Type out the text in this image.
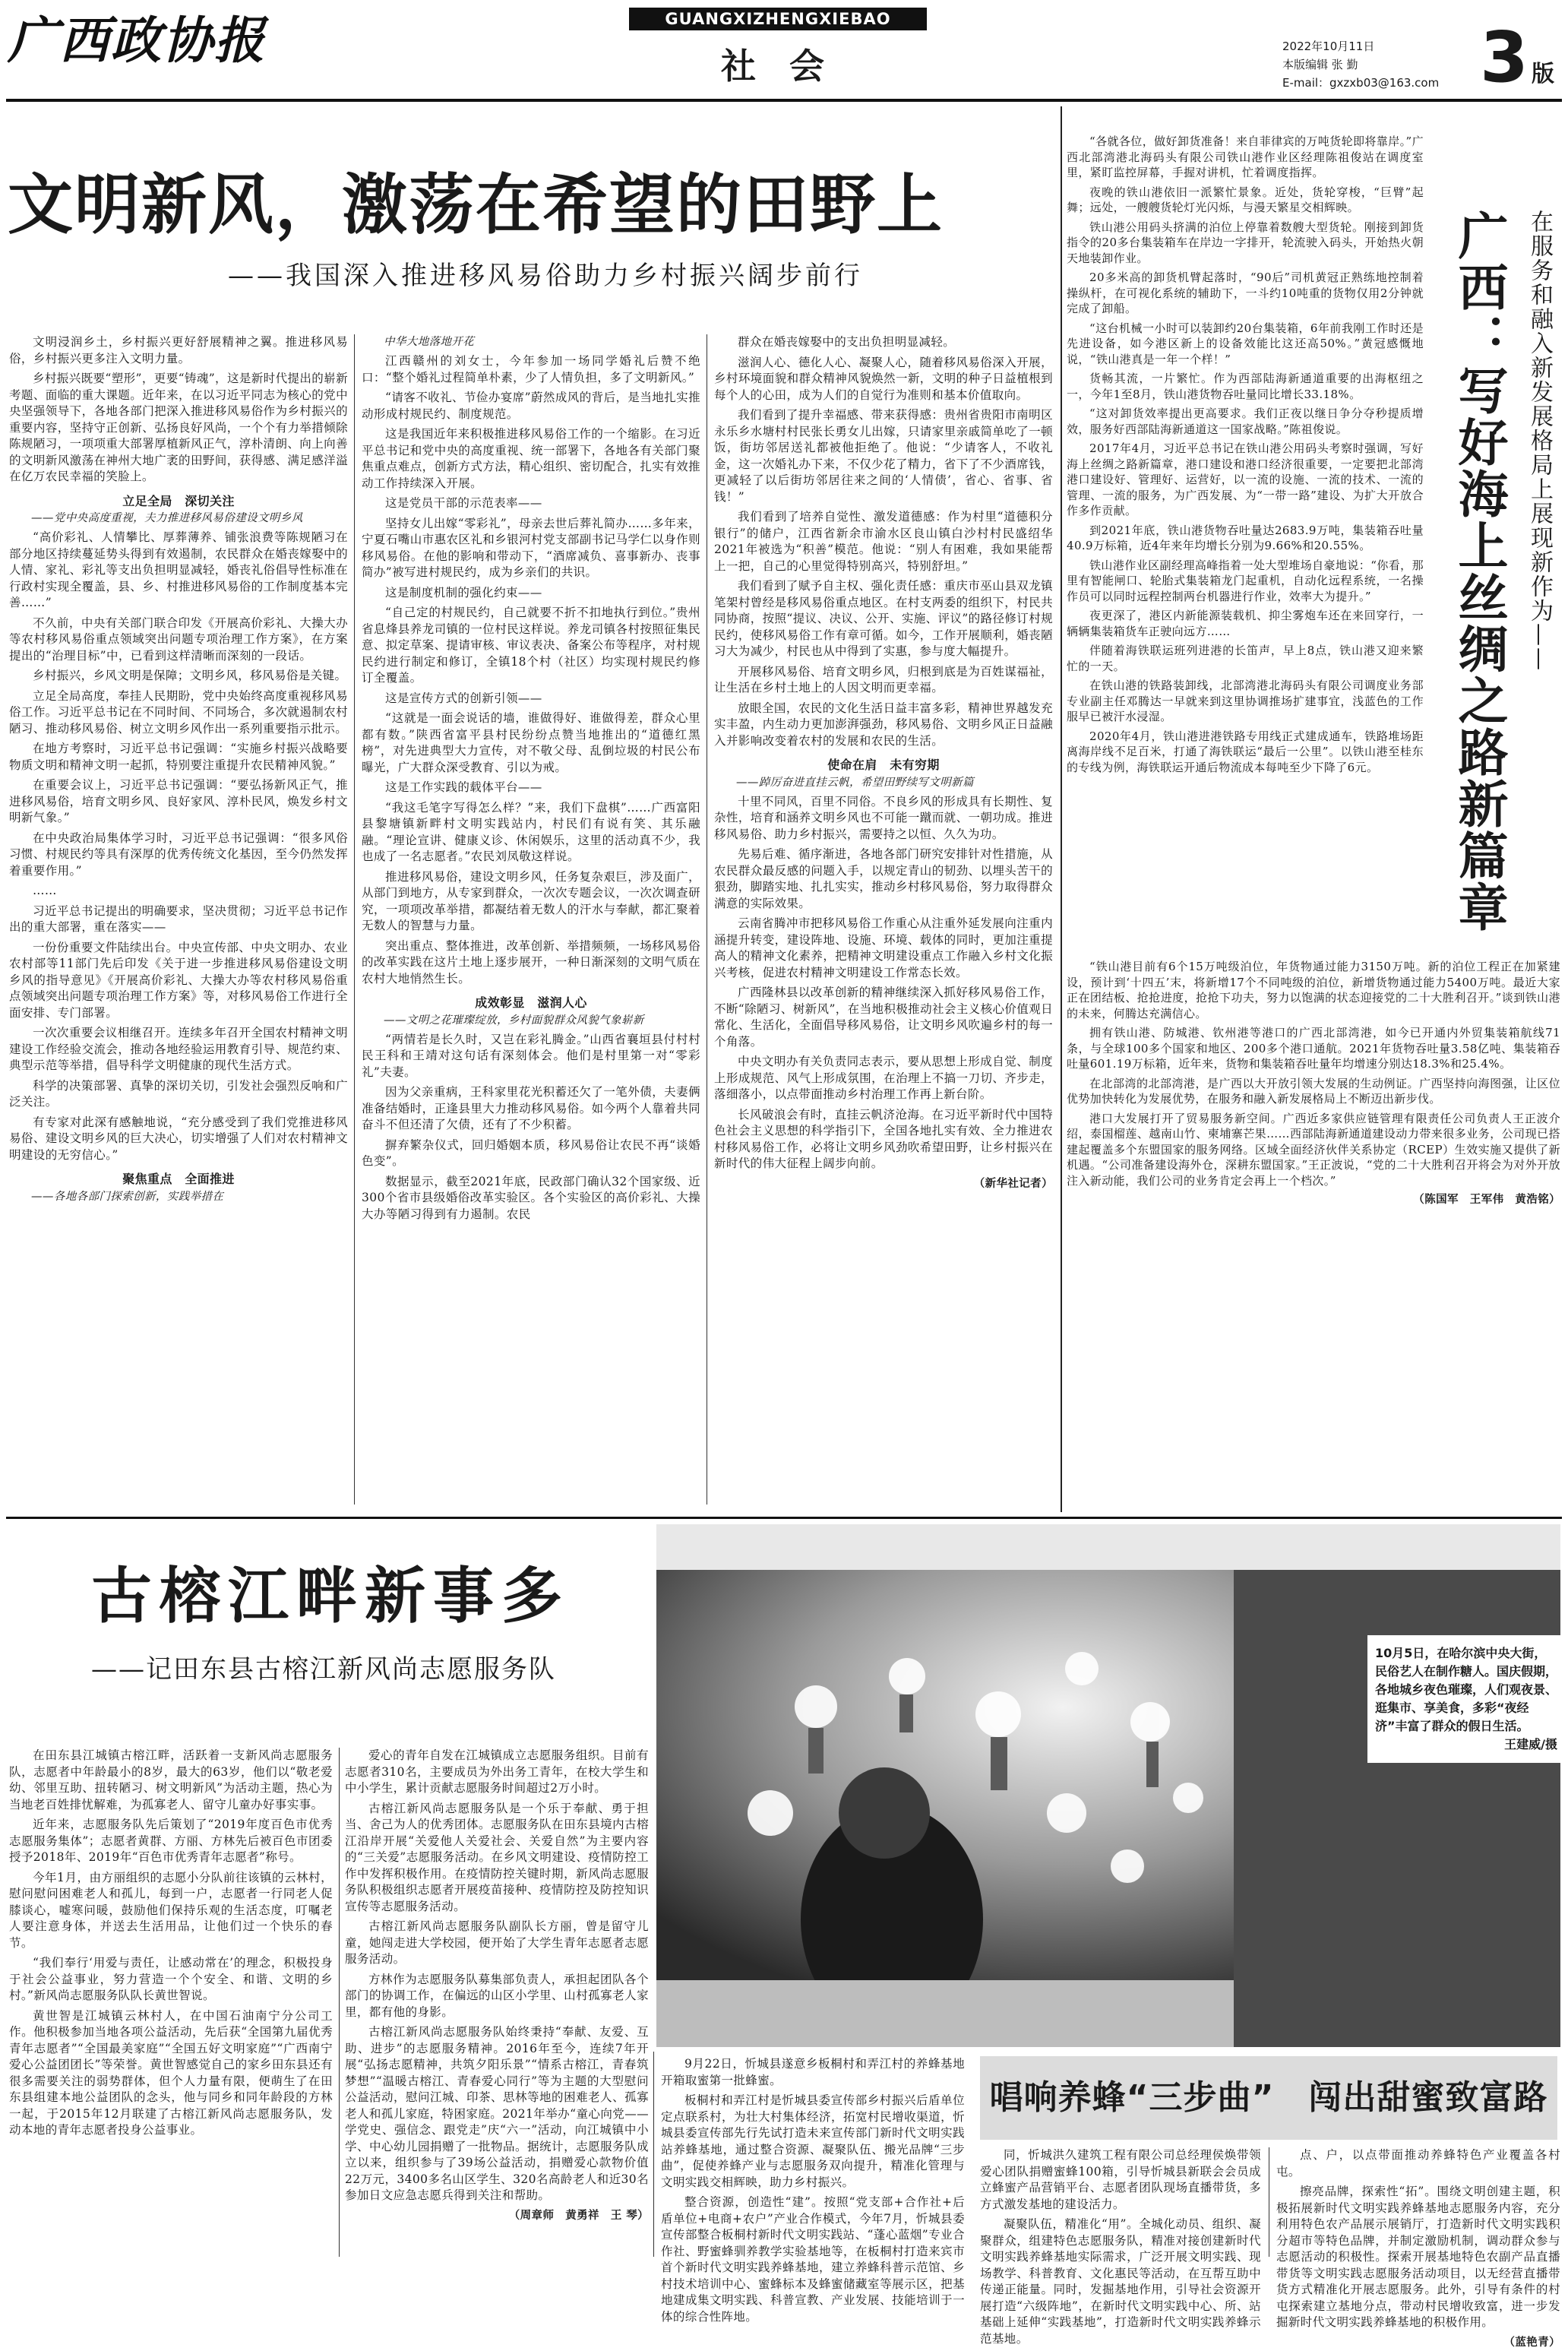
广西政协报	GUANGXIZHENGXIEBAO
社 会	2022年10月11日
本版编辑 张 勤
E-mail：gxzxb03@163.com 3 版
文明新风，激荡在希望的田野上
——我国深入推进移风易俗助力乡村振兴阔步前行

文明浸润乡土，乡村振兴更好舒展精神之翼。推进移风易俗，乡村振兴更多注入文明力量。

乡村振兴既要“塑形”，更要“铸魂”，这是新时代提出的崭新考题、面临的重大课题。近年来，在以习近平同志为核心的党中央坚强领导下，各地各部门把深入推进移风易俗作为乡村振兴的重要内容，坚持守正创新、弘扬良好风尚，一个个有力举措倾除陈规陋习，一项项重大部署厚植新风正气，淳朴清朗、向上向善的文明新风激荡在神州大地广袤的田野间，获得感、满足感洋溢在亿万农民幸福的笑脸上。

立足全局　深切关注

——党中央高度重视，夫力推进移风易俗建设文明乡风

“高价彩礼、人情攀比、厚葬薄养、铺张浪费等陈规陋习在部分地区持续蔓延势头得到有效遏制，农民群众在婚丧嫁娶中的人情、家礼、彩礼等支出负担明显减轻，婚丧礼俗倡导性标准在行政村实现全覆盖，县、乡、村推进移风易俗的工作制度基本完善……”

不久前，中央有关部门联合印发《开展高价彩礼、大操大办等农村移风易俗重点领域突出问题专项治理工作方案》，在方案提出的“治理目标”中，已看到这样清晰而深刻的一段话。

乡村振兴，乡风文明是保障；文明乡风，移风易俗是关键。

立足全局高度，奉挂人民期盼，党中央始终高度重视移风易俗工作。习近平总书记在不同时间、不同场合，多次就遏制农村陋习、推动移风易俗、树立文明乡风作出一系列重要指示批示。

在地方考察时，习近平总书记强调：“实施乡村振兴战略要物质文明和精神文明一起抓，特别要注重提升农民精神风貌。”

在重要会议上，习近平总书记强调：“要弘扬新风正气，推进移风易俗，培育文明乡风、良好家风、淳朴民风，焕发乡村文明新气象。”

在中央政治局集体学习时，习近平总书记强调：“很多风俗习惯、村规民约等具有深厚的优秀传统文化基因，至今仍然发挥着重要作用。”

……

习近平总书记提出的明确要求，坚决贯彻；习近平总书记作出的重大部署，重在落实——

一份份重要文件陆续出台。中央宣传部、中央文明办、农业农村部等11部门先后印发《关于进一步推进移风易俗建设文明乡风的指导意见》《开展高价彩礼、大操大办等农村移风易俗重点领域突出问题专项治理工作方案》等，对移风易俗工作进行全面安排、专门部署。

一次次重要会议相继召开。连续多年召开全国农村精神文明建设工作经验交流会，推动各地经验运用教育引导、规范约束、典型示范等举措，倡导科学文明健康的现代生活方式。

科学的决策部署、真挚的深切关切，引发社会强烈反响和广泛关注。

有专家对此深有感触地说，“充分感受到了我们党推进移风易俗、建设文明乡风的巨大决心，切实增强了人们对农村精神文明建设的无穷信心。”

聚焦重点　全面推进

——各地各部门探索创新，实践举措在

中华大地落地开花

江西赣州的刘女士，今年参加一场同学婚礼后赞不绝口：“整个婚礼过程简单朴素，少了人情负担，多了文明新风。”

“请客不收礼、节俭办宴席”蔚然成风的背后，是当地扎实推动形成村规民约、制度规范。

这是我国近年来积极推进移风易俗工作的一个缩影。在习近平总书记和党中央的高度重视、统一部署下，各地各有关部门聚焦重点难点，创新方式方法，精心组织、密切配合，扎实有效推动工作持续深入开展。

这是党员干部的示范表率——

坚持女儿出嫁“零彩礼”，母亲去世后葬礼简办……多年来，宁夏石嘴山市惠农区礼和乡银河村党支部副书记马学仁以身作则移风易俗。在他的影响和带动下，“酒席减负、喜事新办、丧事简办”被写进村规民约，成为乡亲们的共识。

这是制度机制的强化约束——

“自己定的村规民约，自己就要不折不扣地执行到位。”贵州省息烽县养龙司镇的一位村民这样说。养龙司镇各村按照征集民意、拟定草案、提请审核、审议表决、备案公布等程序，对村规民约进行制定和修订，全镇18个村（社区）均实现村规民约修订全覆盖。

这是宣传方式的创新引领——

“这就是一面会说话的墙，谁做得好、谁做得差，群众心里都有数。”陕西省富平县村民纷纷点赞当地推出的“道德红黑榜”，对先进典型大力宣传，对不敬父母、乱倒垃圾的村民公布曝光，广大群众深受教育、引以为戒。

这是工作实践的载体平台——

“我这毛笔字写得怎么样？”来，我们下盘棋”……广西富阳县黎塘镇新畔村文明实践站内，村民们有说有笑、其乐融融。“理论宣讲、健康义诊、休闲娱乐，这里的活动真不少，我也成了一名志愿者。”农民刘凤敬这样说。

推进移风易俗，建设文明乡风，任务复杂艰巨，涉及面广，从部门到地方，从专家到群众，一次次专题会议，一次次调查研究，一项项改革举措，都凝结着无数人的汗水与奉献，都汇聚着无数人的智慧与力量。

突出重点、整体推进，改革创新、举措频频，一场移风易俗的改革实践在这片土地上逐步展开，一种日渐深刻的文明气质在农村大地悄然生长。

成效彰显　滋润人心

——文明之花璀璨绽放，乡村面貌群众风貌气象崭新

“两情若是长久时，又岂在彩礼腾金。”山西省襄垣县付村村民王科和王靖对这句话有深刻体会。他们是村里第一对“零彩礼”夫妻。

因为父亲重病，王科家里花光积蓄还欠了一笔外债，夫妻俩准备结婚时，正逢县里大力推动移风易俗。如今两个人靠着共同奋斗不但还清了欠债，还有了不少积蓄。

摒弃繁杂仪式，回归婚姻本质，移风易俗让农民不再“谈婚色变”。

数据显示，截至2021年底，民政部门确认32个国家级、近300个省市县级婚俗改革实验区。各个实验区的高价彩礼、大操大办等陋习得到有力遏制。农民

群众在婚丧嫁娶中的支出负担明显减轻。

滋润人心、德化人心、凝聚人心，随着移风易俗深入开展，乡村环境面貌和群众精神风貌焕然一新，文明的种子日益植根到每个人的心田，成为人们的自觉行为准则和基本价值取向。

我们看到了提升幸福感、带来获得感：贵州省贵阳市南明区永乐乡水塘村村民张长勇女儿出嫁，只请家里亲戚简单吃了一顿饭，街坊邻居送礼都被他拒绝了。他说：“少请客人，不收礼金，这一次婚礼办下来，不仅少花了精力，省下了不少酒席钱，更减轻了以后街坊邻居往来之间的‘人情债’，省心、省事、省钱！”

我们看到了培养自觉性、激发道德感：作为村里“道德积分银行”的储户，江西省新余市渝水区良山镇白沙村村民盛绍华2021年被选为“积善”模范。他说：“别人有困难，我如果能帮上一把，自己的心里觉得特别高兴，特别舒坦。”

我们看到了赋予自主权、强化责任感：重庆市巫山县双龙镇笔架村曾经是移风易俗重点地区。在村支两委的组织下，村民共同协商，按照“提议、决议、公开、实施、评议”的路径修订村规民约，使移风易俗工作有章可循。如今，工作开展顺利，婚丧陋习大为减少，村民也从中得到了实惠，参与度大幅提升。

开展移风易俗、培育文明乡风，归根到底是为百姓谋福祉，让生活在乡村土地上的人因文明而更幸福。

放眼全国，农民的文化生活日益丰富多彩，精神世界越发充实丰盈，内生动力更加澎湃强劲，移风易俗、文明乡风正日益融入并影响改变着农村的发展和农民的生活。

使命在肩　未有穷期

——踔厉奋进直挂云帆，希望田野续写文明新篇

十里不同风，百里不同俗。不良乡风的形成具有长期性、复杂性，培育和涵养文明乡风也不可能一蹴而就、一朝功成。推进移风易俗、助力乡村振兴，需要持之以恒、久久为功。

先易后难、循序渐进，各地各部门研究安排针对性措施，从农民群众最反感的问题入手，以规定青山的韧劲、以埋头苦干的狠劲，脚踏实地、扎扎实实，推动乡村移风易俗，努力取得群众满意的实际效果。

云南省腾冲市把移风易俗工作重心从注重外延发展向注重内涵提升转变，建设阵地、设施、环境、载体的同时，更加注重提高人的精神文化素养，把精神文明建设重点工作融入乡村文化振兴考核，促进农村精神文明建设工作常态长效。

广西隆林县以改革创新的精神继续深入抓好移风易俗工作，不断“除陋习、树新风”，在当地积极推动社会主义核心价值观日常化、生活化，全面倡导移风易俗，让文明乡风吹遍乡村的每一个角落。

中央文明办有关负责同志表示，要从思想上形成自觉、制度上形成规范、风气上形成氛围，在治理上不搞一刀切、齐步走，落细落小，以点带面推动乡村治理工作再上新台阶。

长风破浪会有时，直挂云帆济沧海。在习近平新时代中国特色社会主义思想的科学指引下，全国各地扎实有效、全力推进农村移风易俗工作，必将让文明乡风劲吹希望田野，让乡村振兴在新时代的伟大征程上阔步向前。

（新华社记者）

“各就各位，做好卸货准备！来自菲律宾的万吨货轮即将靠岸。”广西北部湾港北海码头有限公司铁山港作业区经理陈祖俊站在调度室里，紧盯监控屏幕，手握对讲机，忙着调度指挥。

夜晚的铁山港依旧一派繁忙景象。近处，货轮穿梭，“巨臂”起舞；远处，一艘艘货轮灯光闪烁，与漫天繁星交相辉映。

铁山港公用码头挤满的泊位上停靠着数艘大型货轮。刚接到卸货指令的20多台集装箱车在岸边一字排开，轮流驶入码头，开始热火朝天地装卸作业。

20多米高的卸货机臂起落时，“90后”司机黄冠正熟练地控制着操纵杆，在可视化系统的辅助下，一斗约10吨重的货物仅用2分钟就完成了卸船。

“这台机械一小时可以装卸约20台集装箱，6年前我刚工作时还是先进设备，如今港区新上的设备效能比这还高50%。”黄冠感慨地说，“铁山港真是一年一个样！”

货畅其流，一片繁忙。作为西部陆海新通道重要的出海枢纽之一，今年1至8月，铁山港货物吞吐量同比增长33.18%。

“这对卸货效率提出更高要求。我们正夜以继日争分夺秒提质增效，服务好西部陆海新通道这一国家战略。”陈祖俊说。

2017年4月，习近平总书记在铁山港公用码头考察时强调，写好海上丝绸之路新篇章，港口建设和港口经济很重要，一定要把北部湾港口建设好、管理好、运营好，以一流的设施、一流的技术、一流的管理、一流的服务，为广西发展、为“一带一路”建设、为扩大开放合作多作贡献。

到2021年底，铁山港货物吞吐量达2683.9万吨，集装箱吞吐量40.9万标箱，近4年来年均增长分别为9.66%和20.55%。

铁山港作业区副经理高峰指着一处大型堆场自豪地说：“你看，那里有智能闸口、轮胎式集装箱龙门起重机，自动化远程系统，一名操作员可以同时远程控制两台机器进行作业，效率大为提升。”

夜更深了，港区内新能源装载机、抑尘雾炮车还在来回穿行，一辆辆集装箱货车正驶向远方……

伴随着海铁联运班列进港的长笛声，早上8点，铁山港又迎来繁忙的一天。

在铁山港的铁路装卸线，北部湾港北海码头有限公司调度业务部专业副主任邓腾达一早就来到这里协调推场扩建事宜，浅蓝色的工作服早已被汗水浸湿。

2020年4月，铁山港进港铁路专用线正式建成通车，铁路堆场距离海岸线不足百米，打通了海铁联运“最后一公里”。以铁山港至桂东的专线为例，海铁联运开通后物流成本每吨至少下降了6元。

在服务和融入新发展格局上展现新作为——
广西：写好海上丝绸之路新篇章

“铁山港目前有6个15万吨级泊位，年货物通过能力3150万吨。新的泊位工程正在加紧建设，预计到‘十四五’末，将新增17个不同吨级的泊位，新增货物通过能力5400万吨。最近大家正在团结板、抢抢进度，抢抢下功夫，努力以饱满的状态迎接党的二十大胜利召开。”谈到铁山港的未来，何腾达充满信心。

拥有铁山港、防城港、钦州港等港口的广西北部湾港，如今已开通内外贸集装箱航线71条，与全球100多个国家和地区、200多个港口通航。2021年货物吞吐量3.58亿吨、集装箱吞吐量601.19万标箱，近年来，货物和集装箱吞吐量年均增速分别达18.3%和25.4%。

在北部湾的北部湾港，是广西以大开放引领大发展的生动例证。广西坚持向海图强，让区位优势加快转化为发展优势，在服务和融入新发展格局上不断迈出新步伐。

港口大发展打开了贸易服务新空间。广西近多家供应链管理有限责任公司负责人王正波介绍，泰国榴莲、越南山竹、柬埔寨芒果……西部陆海新通道建设动力带来很多业务，公司现已搭建起覆盖多个东盟国家的服务网络。区域全面经济伙伴关系协定（RCEP）生效实施又提供了新机遇。“公司准备建设海外仓，深耕东盟国家。”王正波说，“党的二十大胜利召开将会为对外开放注入新动能，我们公司的业务肯定会再上一个档次。”

（陈国军　王军伟　黄浩铭）
古榕江畔新事多
——记田东县古榕江新风尚志愿服务队

在田东县江城镇古榕江畔，活跃着一支新风尚志愿服务队，志愿者中年龄最小的8岁，最大的63岁，他们以“敬老爱幼、邻里互助、扭转陋习、树文明新风”为活动主题，热心为当地老百姓排忧解难，为孤寡老人、留守儿童办好事实事。

近年来，志愿服务队先后策划了“2019年度百色市优秀志愿服务集体”；志愿者黄群、方丽、方林先后被百色市团委授予2018年、2019年“百色市优秀青年志愿者”称号。

今年1月，由方丽组织的志愿小分队前往该镇的云林村，慰问慰问困难老人和孤儿，每到一户，志愿者一行同老人促膝谈心，嘘寒问暖，鼓励他们保持乐观的生活态度，叮嘱老人要注意身体，并送去生活用品，让他们过一个快乐的春节。

“我们奉行‘用爱与责任，让感动常在’的理念，积极投身于社会公益事业，努力营造一个个安全、和谐、文明的乡村。”新风尚志愿服务队队长黄世智说。

黄世智是江城镇云林村人，在中国石油南宁分公司工作。他积极参加当地各项公益活动，先后获“全国第九届优秀青年志愿者”“全国最美家庭”“全国五好文明家庭”“广西南宁爱心公益团团长”等荣誉。黄世智感觉自己的家乡田东县还有很多需要关注的弱势群体，但个人力量有限，便萌生了在田东县组建本地公益团队的念头，他与同乡和同年龄段的方林一起，于2015年12月联建了古榕江新风尚志愿服务队，发动本地的青年志愿者投身公益事业。

爱心的青年自发在江城镇成立志愿服务组织。目前有志愿者310名，主要成员为外出务工青年，在校大学生和中小学生，累计贡献志愿服务时间超过2万小时。

古榕江新风尚志愿服务队是一个乐于奉献、勇于担当、舍己为人的优秀团体。志愿服务队在田东县境内古榕江沿岸开展“关爱他人关爱社会、关爱自然”为主要内容的“三关爱”志愿服务活动。在乡风文明建设、疫情防控工作中发挥积极作用。在疫情防控关键时期，新风尚志愿服务队积极组织志愿者开展疫苗接种、疫情防控及防控知识宣传等志愿服务活动。

古榕江新风尚志愿服务队副队长方丽，曾是留守儿童，她闯走进大学校园，便开始了大学生青年志愿者志愿服务活动。

方林作为志愿服务队募集部负责人，承担起团队各个部门的协调工作，在偏远的山区小学里、山村孤寡老人家里，都有他的身影。

古榕江新风尚志愿服务队始终秉持“奉献、友爱、互助、进步”的志愿服务精神。2016年至今，连续7年开展“弘扬志愿精神，共筑夕阳乐景”“情系古榕江，青春筑梦想”“温暖古榕江、青春爱心同行”等为主题的大型慰问公益活动，慰问江城、印茶、思林等地的困难老人、孤寡老人和孤儿家庭，特困家庭。2021年举办“童心向党——学党史、强信念、跟党走”庆“六一”活动，向江城镇中小学、中心幼儿园捐赠了一批物品。据统计，志愿服务队成立以来，组织参与了39场公益活动，捐赠爱心款物价值22万元，3400多名山区学生、320名高龄老人和近30名参加日文应急志愿兵得到关注和帮助。

（周章师　黄勇祥　王 琴）
10月5日，在哈尔滨中央大街，民俗艺人在制作糖人。国庆假期，各地城乡夜色璀璨，人们观夜景、逛集市、享美食，多彩“夜经济”丰富了群众的假日生活。
王建威/摄

9月22日，忻城县遂意乡板桐村和弄江村的养蜂基地开箱取蜜第一批蜂蜜。

板桐村和弄江村是忻城县委宣传部乡村振兴后盾单位定点联系村，为壮大村集体经济，拓宽村民增收渠道，忻城县委宣传部先行先试打造未来宣传部门新时代文明实践站养蜂基地，通过整合资源、凝聚队伍、搬光品牌“三步曲”，促使养蜂产业与志愿服务双向提升，精准化管理与文明实践交相辉映，助力乡村振兴。

整合资源，创造性“建”。按照“党支部+合作社+后盾单位+电商+农户”产业合作模式，今年7月，忻城县委宣传部整合板桐村新时代文明实践站、“蓬心蓝烟”专业合作社、野蜜蜂驯养教学实验基地等，在板桐村打造来宾市首个新时代文明实践养蜂基地，建立养蜂科普示范馆、乡村技术培训中心、蜜蜂标本及蜂蜜储藏室等展示区，把基地建成集文明实践、科普宣教、产业发展、技能培训于一体的综合性阵地。

唱响养蜂“三步曲”　闯出甜蜜致富路

同，忻城洪久建筑工程有限公司总经理侯焕带领爱心团队捐赠蜜蜂100箱，引导忻城县新联会会员成立蜂蜜产品营销平台、志愿者团队现场直播带货，多方式激发基地的建设活力。

凝聚队伍，精准化“用”。全城化动员、组织、凝聚群众，组建特色志愿服务队，精准对接创建新时代文明实践养蜂基地实际需求，广泛开展文明实践、现场教学、科普教育、文化惠民等活动，在互帮互助中传递正能量。同时，发掘基地作用，引导社会资源开展打造“六级阵地”，在新时代文明实践中心、所、站基础上延伸“实践基地”，打造新时代文明实践养蜂示范基地。

点、户，以点带面推动养蜂特色产业覆盖各村屯。

擦亮品牌，探索性“拓”。围绕文明创建主题，积极拓展新时代文明实践养蜂基地志愿服务内容，充分利用特色农产品展示展销厅，打造新时代文明实践积分超市等特色品牌，并制定激励机制，调动群众参与志愿活动的积极性。探索开展基地特色农副产品直播带货等文明实践志愿服务活动项目，以无经营直播带货方式精准化开展志愿服务。此外，引导有条件的村屯探索建立基地分点，带动村民增收致富，进一步发掘新时代文明实践养蜂基地的积极作用。

（蓝艳青）
